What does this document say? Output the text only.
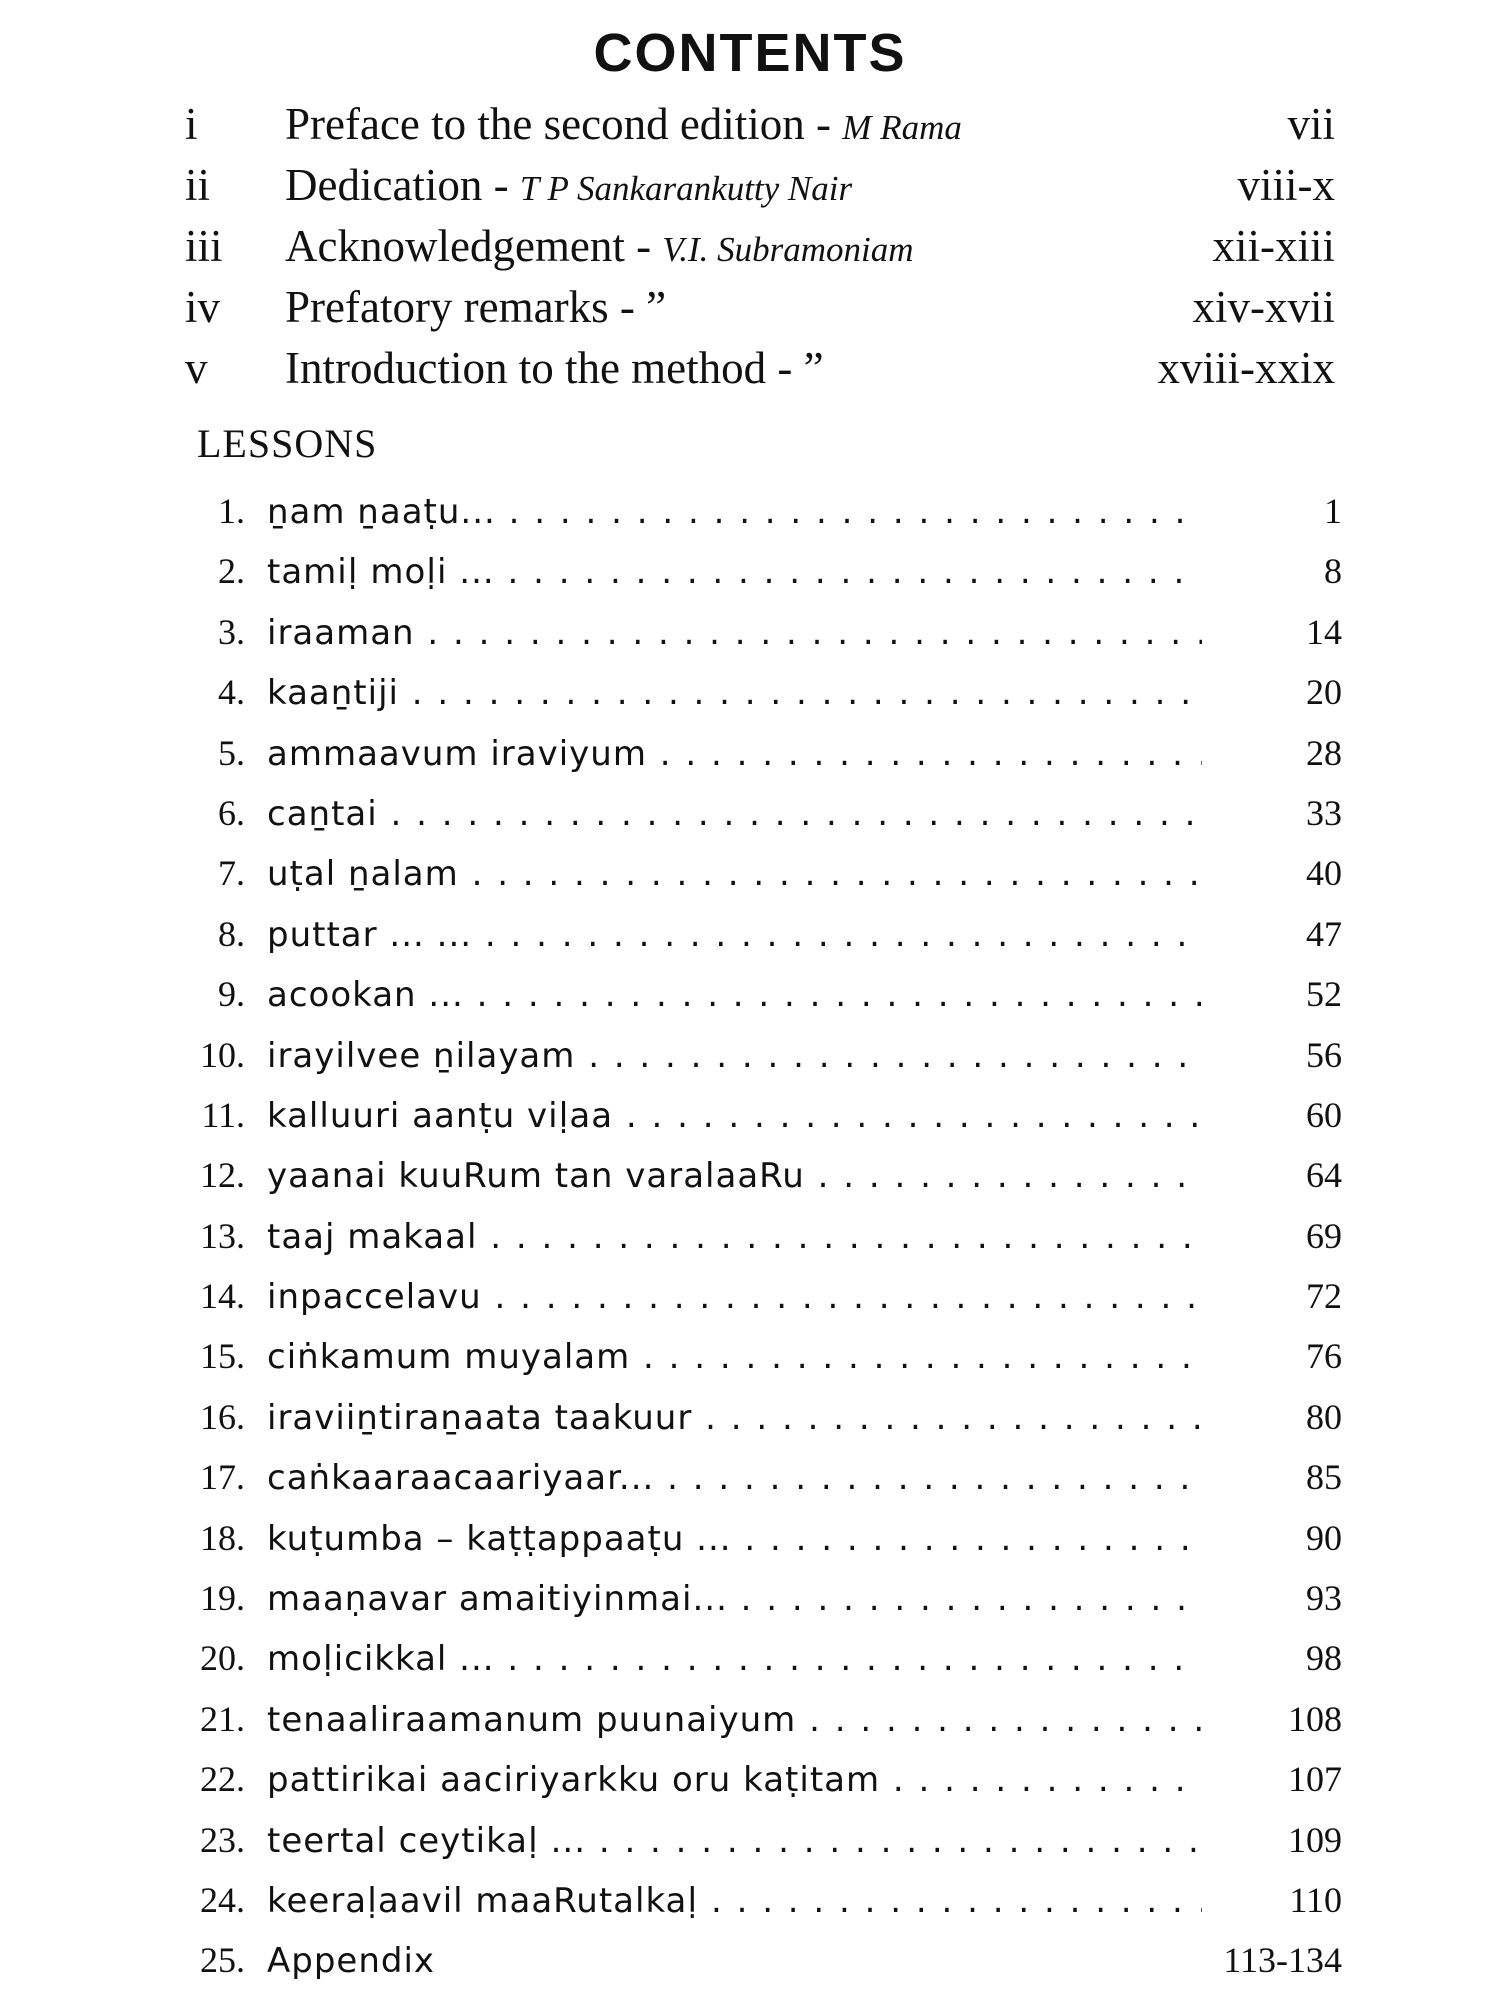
CONTENTS
i	Preface to the second edition - M Rama	vii
ii	Dedication - T P Sankarankutty Nair	viii-x
iii	Acknowledgement - V.I. Subramoniam	xii-xiii
iv	Prefatory remarks - ”	xiv-xvii
v	Introduction to the method - ”	xviii-xxix
LESSONS
1. ṉam ṉaaṭu... . . .	1
2. tamiḷ moḷi ... . . .	8
3. iraaman . . .	14
4. kaaṉtiji . . .	20
5. ammaavum iraviyum . . .	28
6. caṉtai . . .	33
7. uṭal ṉalam . . .	40
8. puttar ... ... . . .	47
9. acookan ... . . .	52
10. irayilvee ṉilayam . . .	56
11. kalluuri aanṭu viḷaa . . .	60
12. yaanai kuuRum tan varalaaRu . . .	64
13. taaj makaal . . .	69
14. inpaccelavu . . .	72
15. ciṅkamum muyalam . . .	76
16. iraviiṉtiraṉaata taakuur . . .	80
17. caṅkaaraacaariyaar... . . .	85
18. kuṭumba – kaṭṭappaaṭu ... . . .	90
19. maaṇavar amaitiyinmai... . . .	93
20. moḷicikkal ... . . .	98
21. tenaaliraamanum puunaiyum . . .	108
22. pattirikai aaciriyarkku oru kaṭitam . . .	107
23. teertal ceytikaḷ ... . . .	109
24. keeraḷaavil maaRutalkaḷ . . .	110
25. Appendix	113-134
